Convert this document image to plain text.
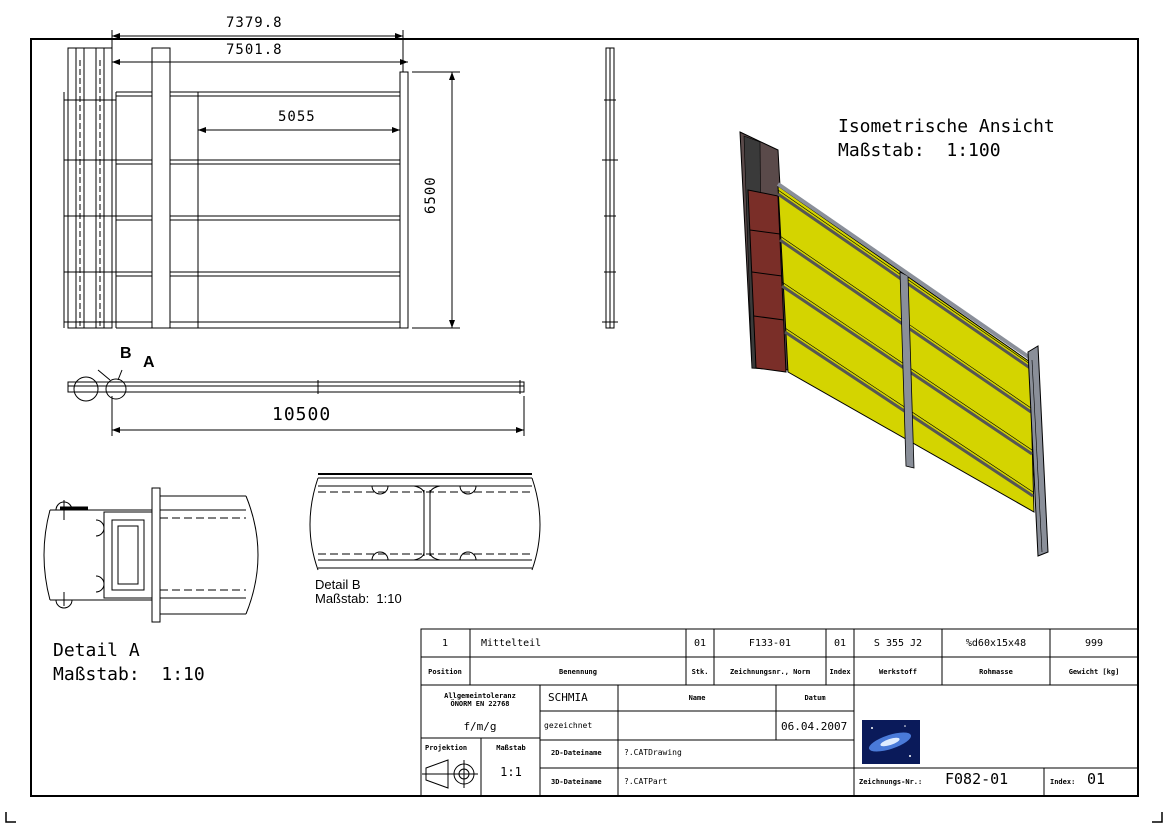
7379.8
7501.8
5055
6500
10500
B
A
Isometrische Ansicht
Maßstab:  1:100
Detail A
Maßstab:  1:10
Detail B
Maßstab:  1:10
1	Mittelteil	01	F133-01	01	S 355 J2	%d60x15x48	999
Position	Benennung	Stk.	Zeichnungsnr., Norm	Index	Werkstoff	Rohmasse	Gewicht [kg]
Allgemeintoleranz
ÖNORM EN 22768
f/m/g
SCHMIA	Name	Datum
gezeichnet	06.04.2007
Projektion	Maßstab
1:1
2D-Dateiname	?.CATDrawing
3D-Dateiname	?.CATPart	Zeichnungs-Nr.: F082-01	Index: 01
